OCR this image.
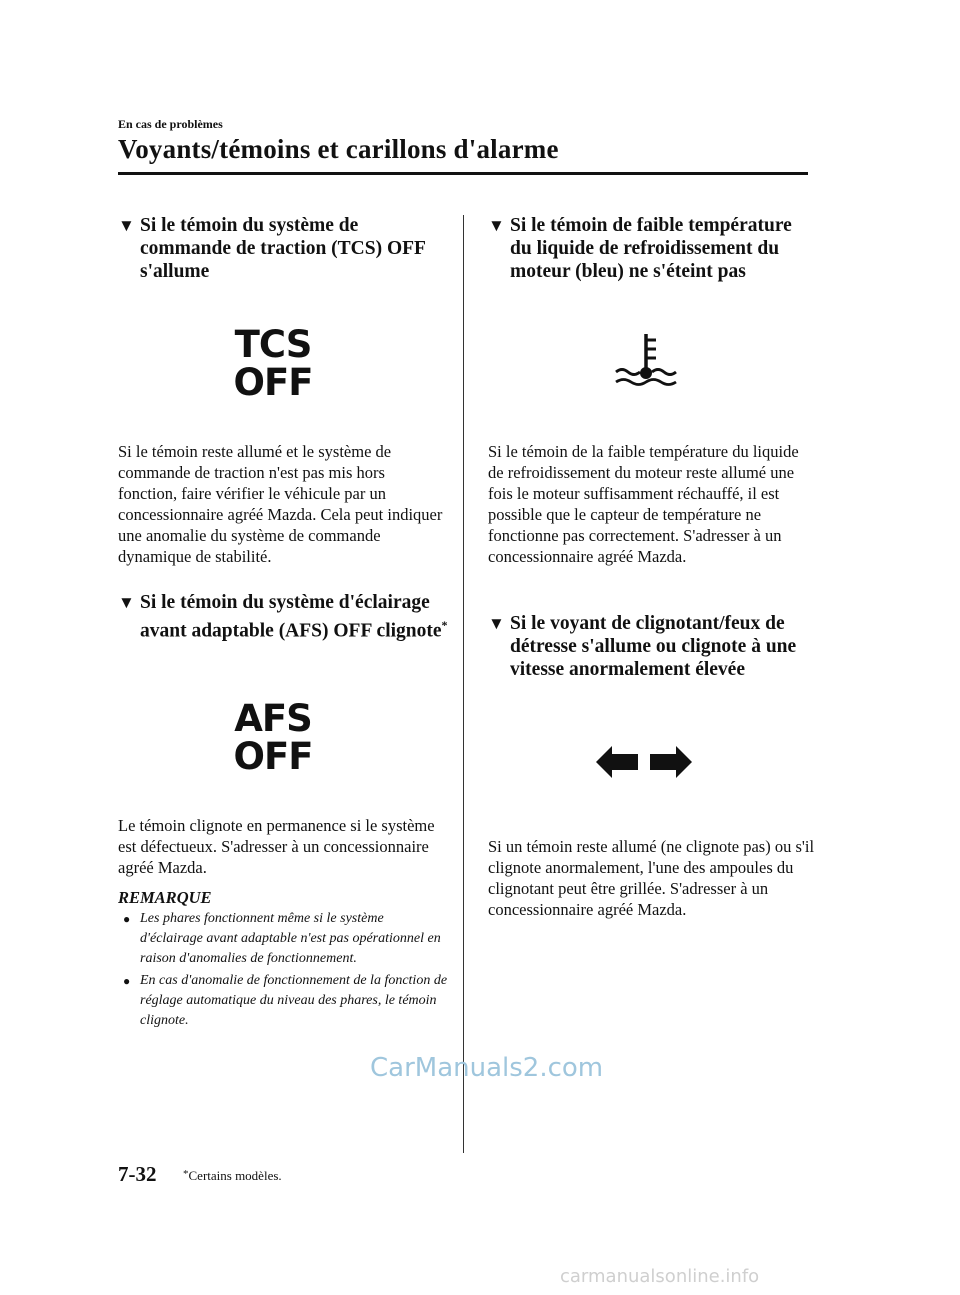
En cas de problèmes
Voyants/témoins et carillons d'alarme
▼ Si le témoin du système de commande de traction (TCS) OFF s'allume
TCS
OFF
Si le témoin reste allumé et le système de commande de traction n'est pas mis hors fonction, faire vérifier le véhicule par un concessionnaire agréé Mazda. Cela peut indiquer une anomalie du système de commande dynamique de stabilité.
▼ Si le témoin du système d'éclairage avant adaptable (AFS) OFF clignote*
AFS
OFF
Le témoin clignote en permanence si le système est défectueux. S'adresser à un concessionnaire agréé Mazda.
REMARQUE
● Les phares fonctionnent même si le système d'éclairage avant adaptable n'est pas opérationnel en raison d'anomalies de fonctionnement.
● En cas d'anomalie de fonctionnement de la fonction de réglage automatique du niveau des phares, le témoin clignote.
▼ Si le témoin de faible température du liquide de refroidissement du moteur (bleu) ne s'éteint pas
Si le témoin de la faible température du liquide de refroidissement du moteur reste allumé une fois le moteur suffisamment réchauffé, il est possible que le capteur de température ne fonctionne pas correctement. S'adresser à un concessionnaire agréé Mazda.
▼ Si le voyant de clignotant/feux de détresse s'allume ou clignote à une vitesse anormalement élevée
Si un témoin reste allumé (ne clignote pas) ou s'il clignote anormalement, l'une des ampoules du clignotant peut être grillée. S'adresser à un concessionnaire agréé Mazda.
CarManuals2.com
7-32 *Certains modèles.
carmanualsonline.info
